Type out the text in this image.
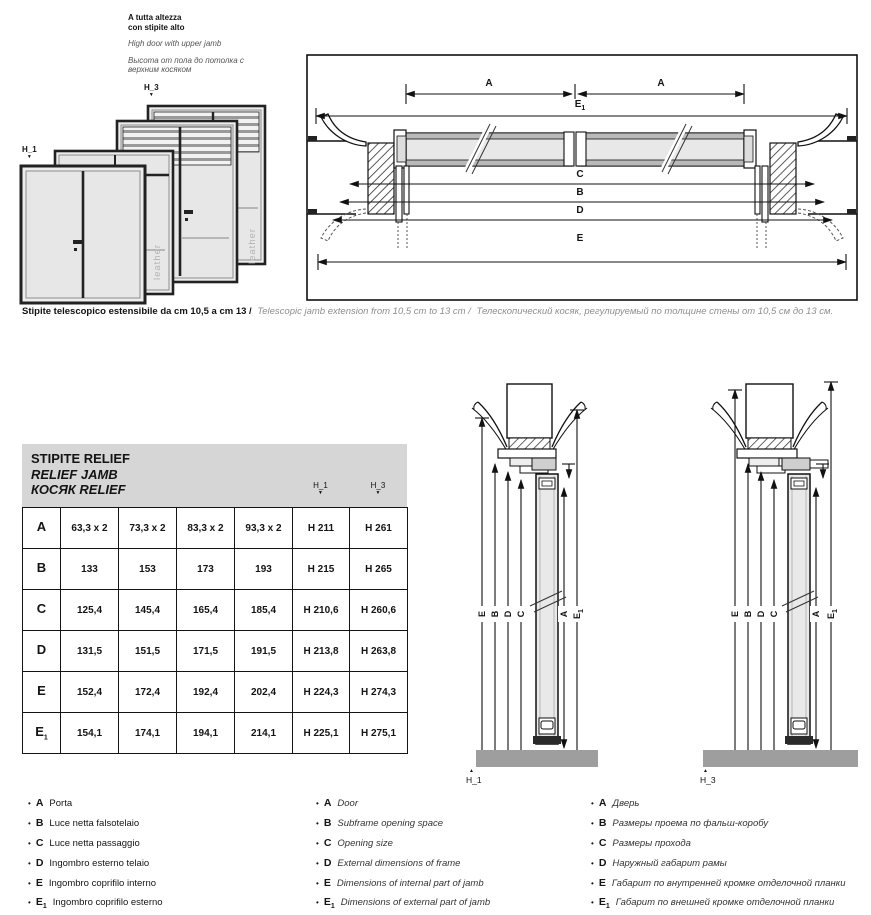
A tutta altezza
con stipite alto
High door with upper jamb
Высота от пола до потолка с
верхним косяком
H_3
▼
H_1
▼
leather	leather
A	A
$E_1$
C
B
D
E
Stipite telescopico estensibile da cm 10,5 a cm 13 / Telescopic jamb extension from 10,5 cm to 13 cm / Телескопический косяк, регулируемый по толщине стены от 10,5 см до 13 см.
STIPITE RELIEF
RELIEF JAMB
КОСЯК RELIEF	H_1
▼
H_3
▼
A	63,3 x 2	73,3 x 2	83,3 x 2	93,3 x 2	H 211	H 261
B	133	153	173	193	H 215	H 265
C	125,4	145,4	165,4	185,4	H 210,6	H 260,6
D	131,5	151,5	171,5	191,5	H 213,8	H 263,8
E	152,4	172,4	192,4	202,4	H 224,3	H 274,3
$E_1$	154,1	174,1	194,1	214,1	H 225,1	H 275,1
E B D C	A $E_1$
▲
H_1
E B D C	A $E_1$
▲
H_3
• A Porta
• B Luce netta falsotelaio
• C Luce netta passaggio
• D Ingombro esterno telaio
• E Ingombro coprifilo interno
• $E_1$ Ingombro coprifilo esterno
• A Door
• B Subframe opening space
• C Opening size
• D External dimensions of frame
• E Dimensions of internal part of jamb
• $E_1$ Dimensions of external part of jamb
• A Дверь
• B Размеры проема по фальш-коробу
• C Размеры прохода
• D Наружный габарит рамы
• E Габарит по внутренней кромке отделочной планки
• $E_1$ Габарит по внешней кромке отделочной планки
